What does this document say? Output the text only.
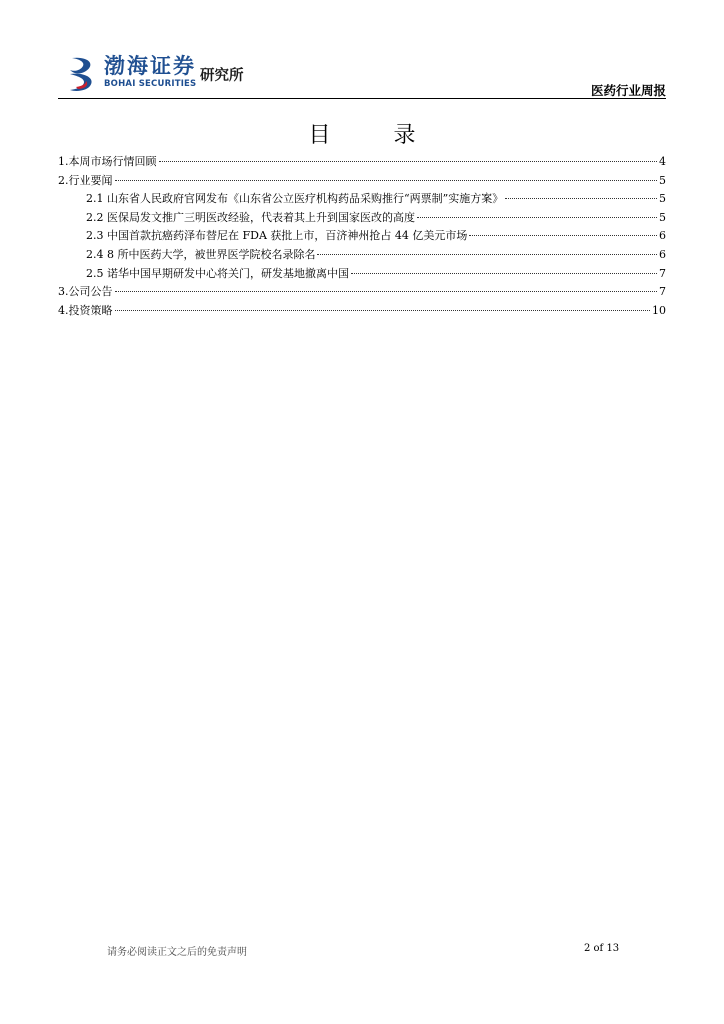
渤海证券
BOHAI SECURITIES 研究所
医药行业周报
目 录
1.本周市场行情回顾	4
2.行业要闻	5
2.1 山东省人民政府官网发布《山东省公立医疗机构药品采购推行“两票制”实施方案》	5
2.2 医保局发文推广三明医改经验，代表着其上升到国家医改的高度	5
2.3 中国首款抗癌药泽布替尼在 FDA 获批上市，百济神州抢占 44 亿美元市场	6
2.4 8 所中医药大学，被世界医学院校名录除名	6
2.5 诺华中国早期研发中心将关门，研发基地撤离中国	7
3.公司公告	7
4.投资策略	10
请务必阅读正文之后的免责声明	2 of 13
